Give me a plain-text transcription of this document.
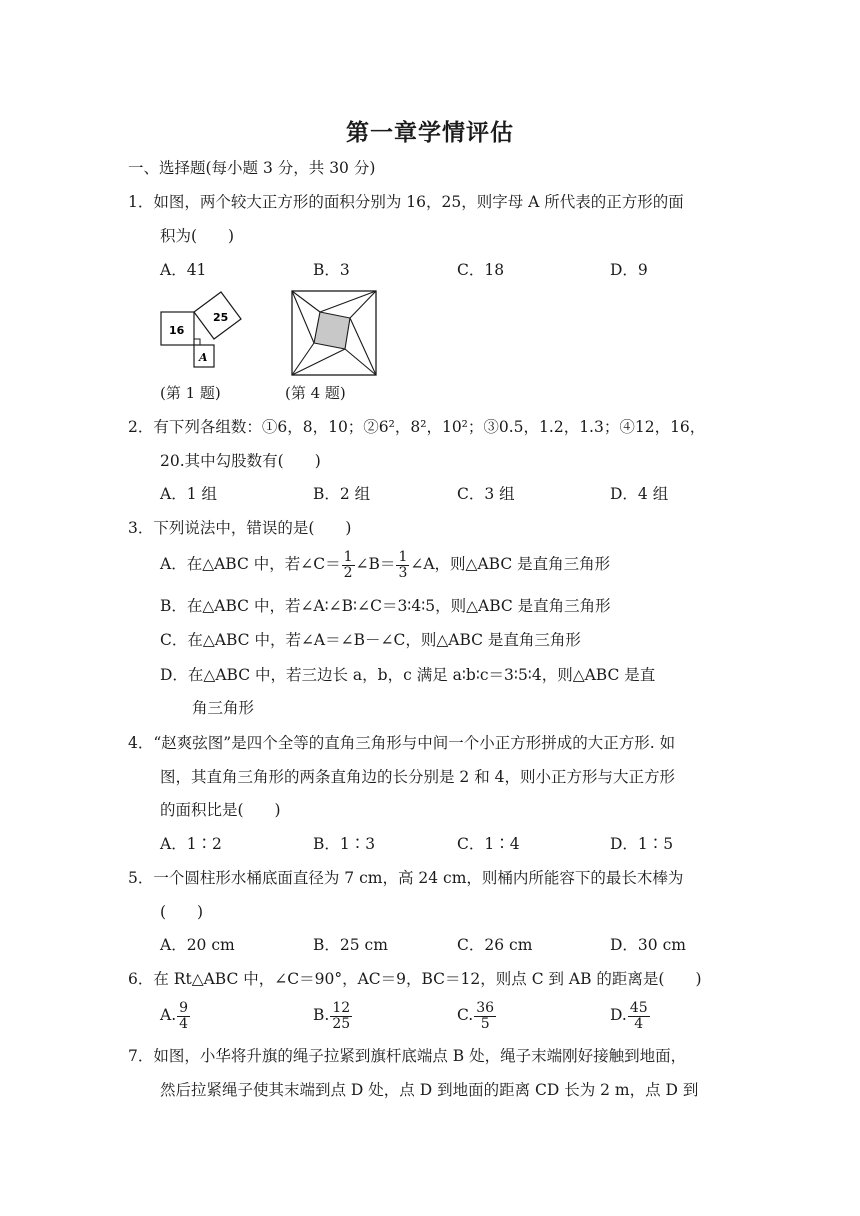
第一章学情评估
一、选择题(每小题 3 分，共 30 分)
1．如图，两个较大正方形的面积分别为 16，25，则字母 A 所代表的正方形的面
积为(　　)
A．41	B．3	C．18	D．9
16
25
A
(第 1 题)	(第 4 题)
2．有下列各组数：①6，8，10；②6²，8²，10²；③0.5，1.2，1.3；④12，16，
20.其中勾股数有(　　)
A．1 组	B．2 组	C．3 组	D．4 组
3．下列说法中，错误的是(　　)
A．在△ABC 中，若∠C＝ $\frac{1}{2}$ ∠B＝ $\frac{1}{3}$ ∠A，则△ABC 是直角三角形
B．在△ABC 中，若∠A∶∠B∶∠C＝3∶4∶5，则△ABC 是直角三角形
C．在△ABC 中，若∠A＝∠B－∠C，则△ABC 是直角三角形
D．在△ABC 中，若三边长 a，b，c 满足 a∶b∶c＝3∶5∶4，则△ABC 是直
角三角形
4．“赵爽弦图”是四个全等的直角三角形与中间一个小正方形拼成的大正方形. 如
图，其直角三角形的两条直角边的长分别是 2 和 4，则小正方形与大正方形
的面积比是(　　)
A．1∶2	B．1∶3	C．1∶4	D．1∶5
5．一个圆柱形水桶底面直径为 7 cm，高 24 cm，则桶内所能容下的最长木棒为
(　　)
A．20 cm	B．25 cm	C．26 cm	D．30 cm
6．在 Rt△ABC 中，∠C＝90°，AC＝9，BC＝12，则点 C 到 AB 的距离是(　　)
A. $\frac{9}{4}$	B. $\frac{12}{25}$	C. $\frac{36}{5}$	D. $\frac{45}{4}$
7．如图，小华将升旗的绳子拉紧到旗杆底端点 B 处，绳子末端刚好接触到地面，
然后拉紧绳子使其末端到点 D 处，点 D 到地面的距离 CD 长为 2 m，点 D 到
